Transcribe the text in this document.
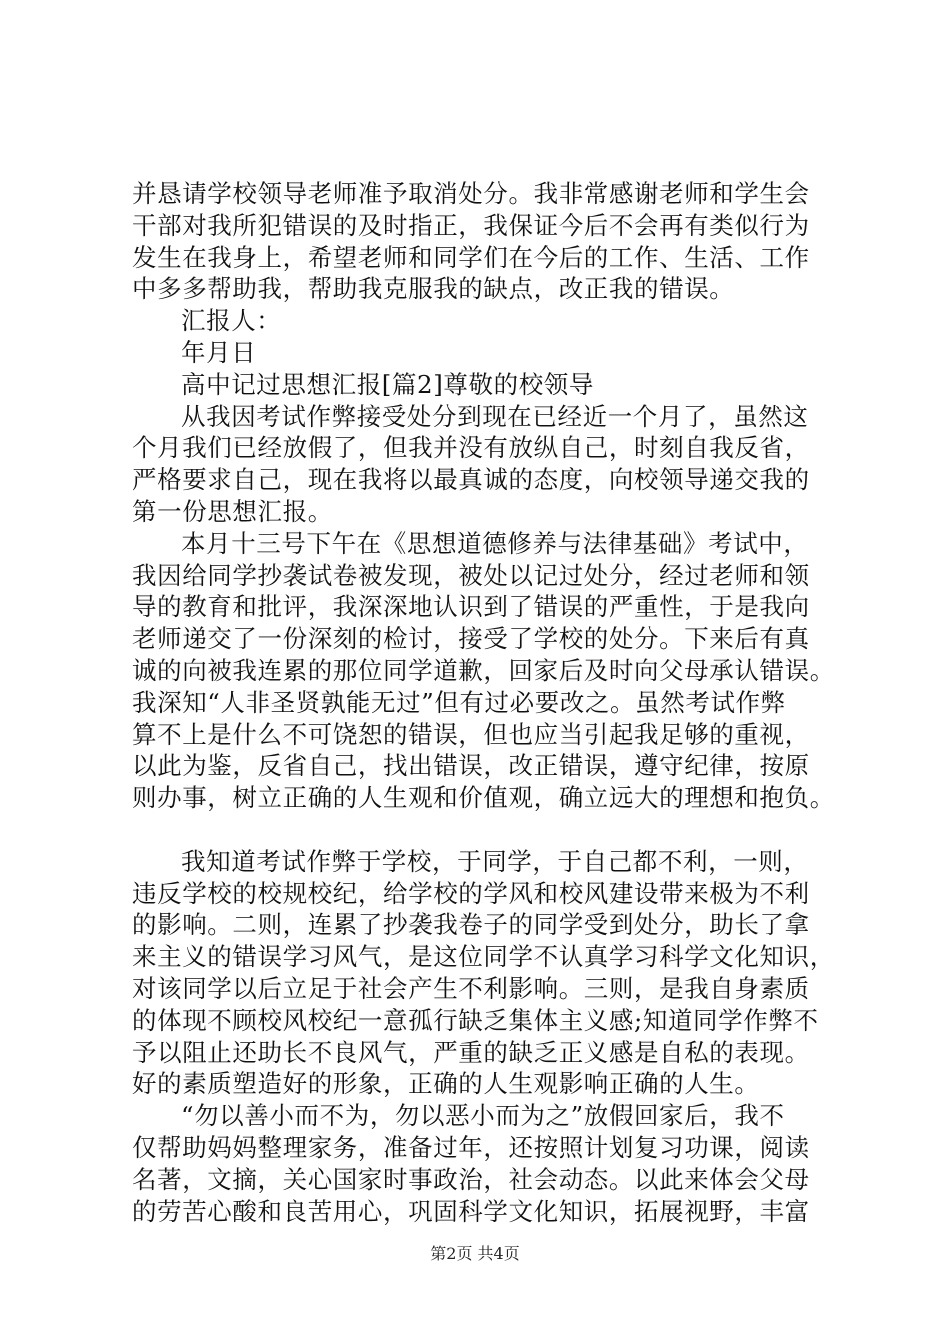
并恳请学校领导老师准予取消处分。我非常感谢老师和学生会
干部对我所犯错误的及时指正，我保证今后不会再有类似行为
发生在我身上，希望老师和同学们在今后的工作、生活、工作
中多多帮助我，帮助我克服我的缺点，改正我的错误。
汇报人：
年月日
高中记过思想汇报[篇2]尊敬的校领导
从我因考试作弊接受处分到现在已经近一个月了，虽然这
个月我们已经放假了，但我并没有放纵自己，时刻自我反省，
严格要求自己，现在我将以最真诚的态度，向校领导递交我的
第一份思想汇报。
本月十三号下午在《思想道德修养与法律基础》考试中，
我因给同学抄袭试卷被发现，被处以记过处分，经过老师和领
导的教育和批评，我深深地认识到了错误的严重性，于是我向
老师递交了一份深刻的检讨，接受了学校的处分。下来后有真
诚的向被我连累的那位同学道歉，回家后及时向父母承认错误。
我深知“人非圣贤孰能无过”但有过必要改之。虽然考试作弊
算不上是什么不可饶恕的错误，但也应当引起我足够的重视，
以此为鉴，反省自己，找出错误，改正错误，遵守纪律，按原
则办事，树立正确的人生观和价值观，确立远大的理想和抱负。
我知道考试作弊于学校，于同学，于自己都不利，一则，
违反学校的校规校纪，给学校的学风和校风建设带来极为不利
的影响。二则，连累了抄袭我卷子的同学受到处分，助长了拿
来主义的错误学习风气，是这位同学不认真学习科学文化知识，
对该同学以后立足于社会产生不利影响。三则，是我自身素质
的体现不顾校风校纪一意孤行缺乏集体主义感;知道同学作弊不
予以阻止还助长不良风气，严重的缺乏正义感是自私的表现。
好的素质塑造好的形象，正确的人生观影响正确的人生。
“勿以善小而不为，勿以恶小而为之”放假回家后，我不
仅帮助妈妈整理家务，准备过年，还按照计划复习功课，阅读
名著，文摘，关心国家时事政治，社会动态。以此来体会父母
的劳苦心酸和良苦用心，巩固科学文化知识，拓展视野，丰富
第2页 共4页
